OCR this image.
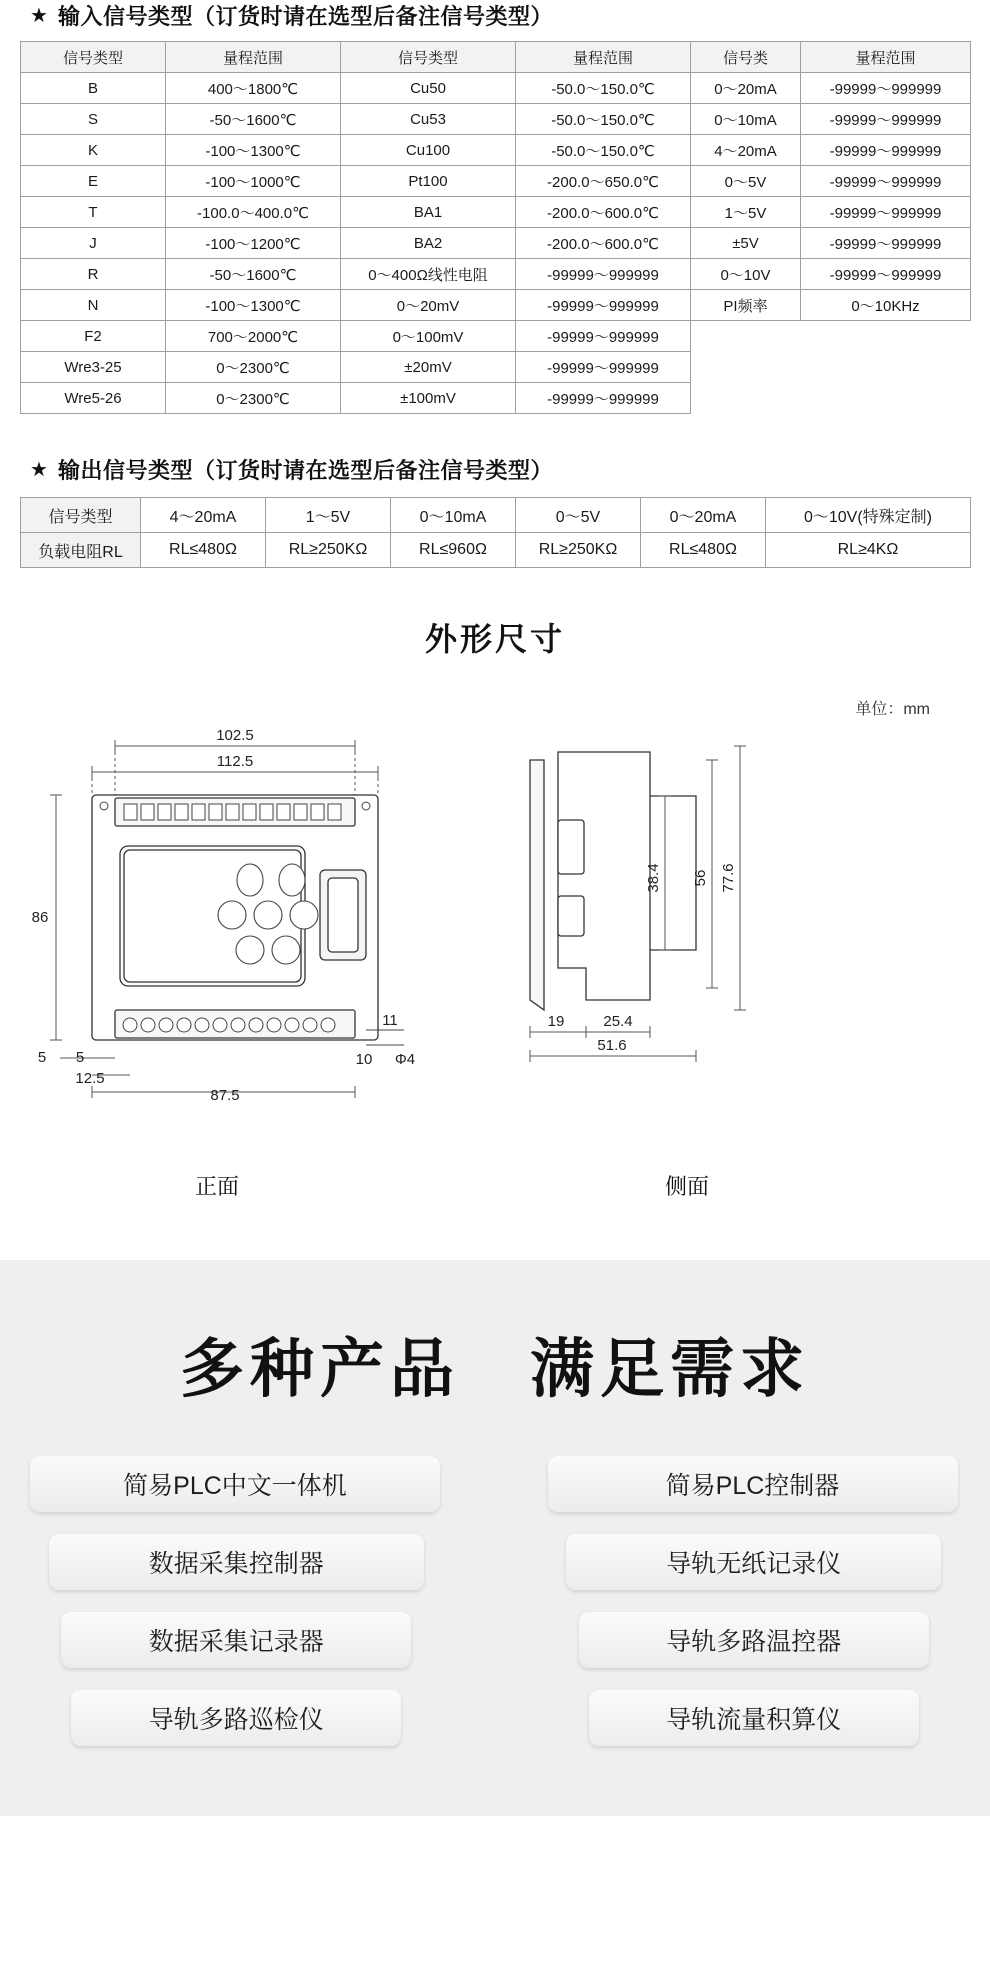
★ 输入信号类型（订货时请在选型后备注信号类型）
信号类型	量程范围	信号类型	量程范围	信号类	量程范围
B	400～1800℃	Cu50	-50.0～150.0℃	0～20mA	-99999～999999
S	-50～1600℃	Cu53	-50.0～150.0℃	0～10mA	-99999～999999
K	-100～1300℃	Cu100	-50.0～150.0℃	4～20mA	-99999～999999
E	-100～1000℃	Pt100	-200.0～650.0℃	0～5V	-99999～999999
T	-100.0～400.0℃	BA1	-200.0～600.0℃	1～5V	-99999～999999
J	-100～1200℃	BA2	-200.0～600.0℃	±5V	-99999～999999
R	-50～1600℃	0～400Ω线性电阻	-99999～999999	0～10V	-99999～999999
N	-100～1300℃	0～20mV	-99999～999999	PI频率	0～10KHz
F2	700～2000℃	0～100mV	-99999～999999		
Wre3-25	0～2300℃	±20mV	-99999～999999		
Wre5-26	0～2300℃	±100mV	-99999～999999		
★ 输出信号类型（订货时请在选型后备注信号类型）
信号类型	4～20mA	1～5V	0～10mA	0～5V	0～20mA	0～10V(特殊定制)
负载电阻RL	RL≤480Ω	RL≥250KΩ	RL≤960Ω	RL≥250KΩ	RL≤480Ω	RL≥4KΩ
外形尺寸
单位：mm
102.5
112.5
86
87.5
5 5
12.5
11
10 Φ4
38.4 56 77.6
19	25.4
51.6
正面	侧面
多种产品　满足需求
简易PLC中文一体机	简易PLC控制器
数据采集控制器	导轨无纸记录仪
数据采集记录器	导轨多路温控器
导轨多路巡检仪	导轨流量积算仪
